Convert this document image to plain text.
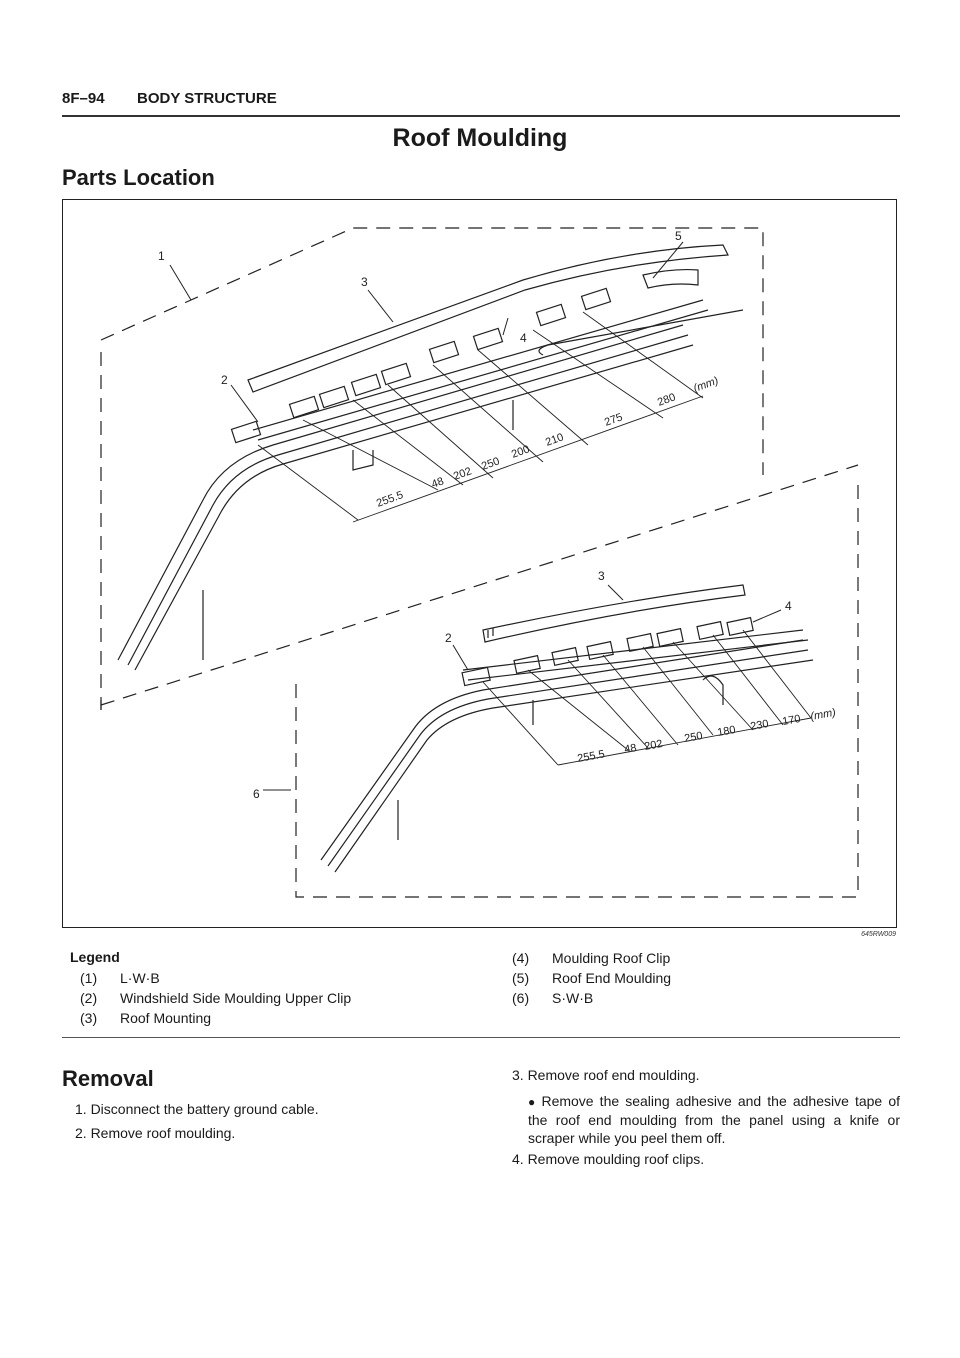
8F–94 BODY STRUCTURE
Roof Moulding
Parts Location
1
3
5
2
4
3
4
2
6
255.5
48
202
250
200
210
275
280
(mm)
255.5 48 202
250 180 230 170 (mm)
645RW009
Legend
(1)	L·W·B
(2)	Windshield Side Moulding Upper Clip
(3)	Roof Mounting
(4)	Moulding Roof Clip
(5)	Roof End Moulding
(6)	S·W·B
Removal
1. Disconnect the battery ground cable.
2. Remove roof moulding.
3. Remove roof end moulding.
● Remove the sealing adhesive and the adhesive tape of the roof end moulding from the panel using a knife or scraper while you peel them off.
4. Remove moulding roof clips.
